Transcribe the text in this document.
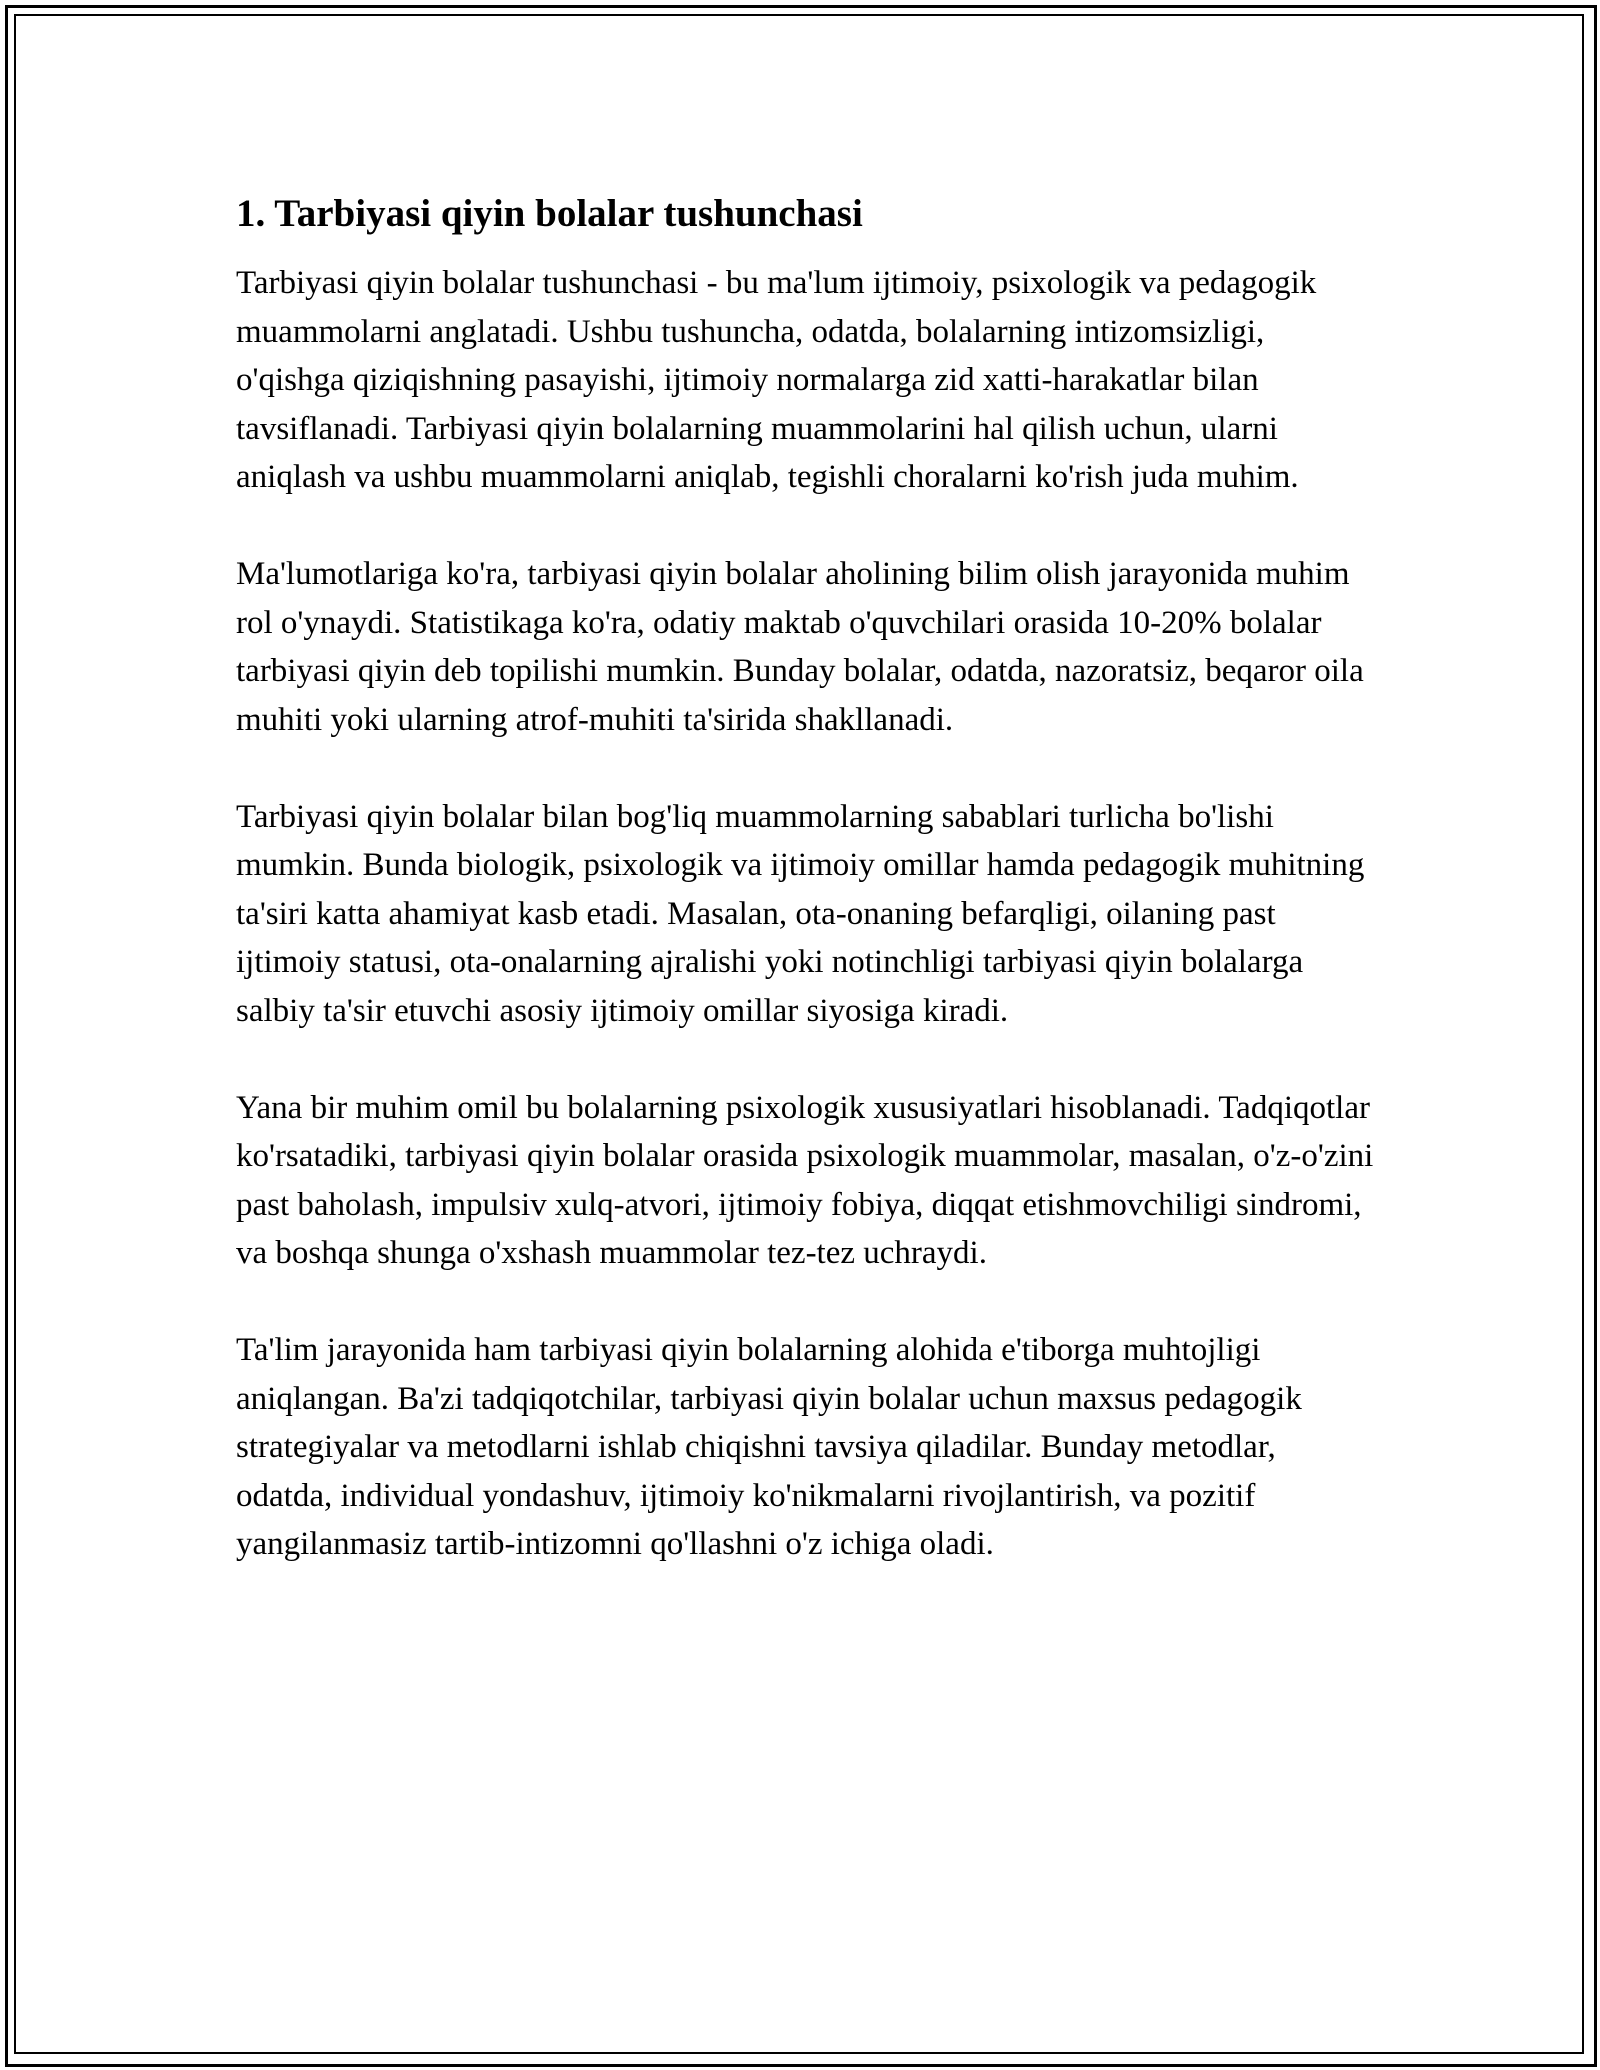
1. Tarbiyasi qiyin bolalar tushunchasi

Tarbiyasi qiyin bolalar tushunchasi - bu ma'lum ijtimoiy, psixologik va pedagogik muammolarni anglatadi. Ushbu tushuncha, odatda, bolalarning intizomsizligi, o'qishga qiziqishning pasayishi, ijtimoiy normalarga zid xatti-harakatlar bilan tavsiflanadi. Tarbiyasi qiyin bolalarning muammolarini hal qilish uchun, ularni aniqlash va ushbu muammolarni aniqlab, tegishli choralarni ko'rish juda muhim.

Ma'lumotlariga ko'ra, tarbiyasi qiyin bolalar aholining bilim olish jarayonida muhim rol o'ynaydi. Statistikaga ko'ra, odatiy maktab o'quvchilari orasida 10-20% bolalar tarbiyasi qiyin deb topilishi mumkin. Bunday bolalar, odatda, nazoratsiz, beqaror oila muhiti yoki ularning atrof-muhiti ta'sirida shakllanadi.

Tarbiyasi qiyin bolalar bilan bog'liq muammolarning sabablari turlicha bo'lishi mumkin. Bunda biologik, psixologik va ijtimoiy omillar hamda pedagogik muhitning ta'siri katta ahamiyat kasb etadi. Masalan, ota-onaning befarqligi, oilaning past ijtimoiy statusi, ota-onalarning ajralishi yoki notinchligi tarbiyasi qiyin bolalarga salbiy ta'sir etuvchi asosiy ijtimoiy omillar siyosiga kiradi.

Yana bir muhim omil bu bolalarning psixologik xususiyatlari hisoblanadi. Tadqiqotlar ko'rsatadiki, tarbiyasi qiyin bolalar orasida psixologik muammolar, masalan, o'z-o'zini past baholash, impulsiv xulq-atvori, ijtimoiy fobiya, diqqat etishmovchiligi sindromi, va boshqa shunga o'xshash muammolar tez-tez uchraydi.

Ta'lim jarayonida ham tarbiyasi qiyin bolalarning alohida e'tiborga muhtojligi aniqlangan. Ba'zi tadqiqotchilar, tarbiyasi qiyin bolalar uchun maxsus pedagogik strategiyalar va metodlarni ishlab chiqishni tavsiya qiladilar. Bunday metodlar, odatda, individual yondashuv, ijtimoiy ko'nikmalarni rivojlantirish, va pozitif yangilanmasiz tartib-intizomni qo'llashni o'z ichiga oladi.
